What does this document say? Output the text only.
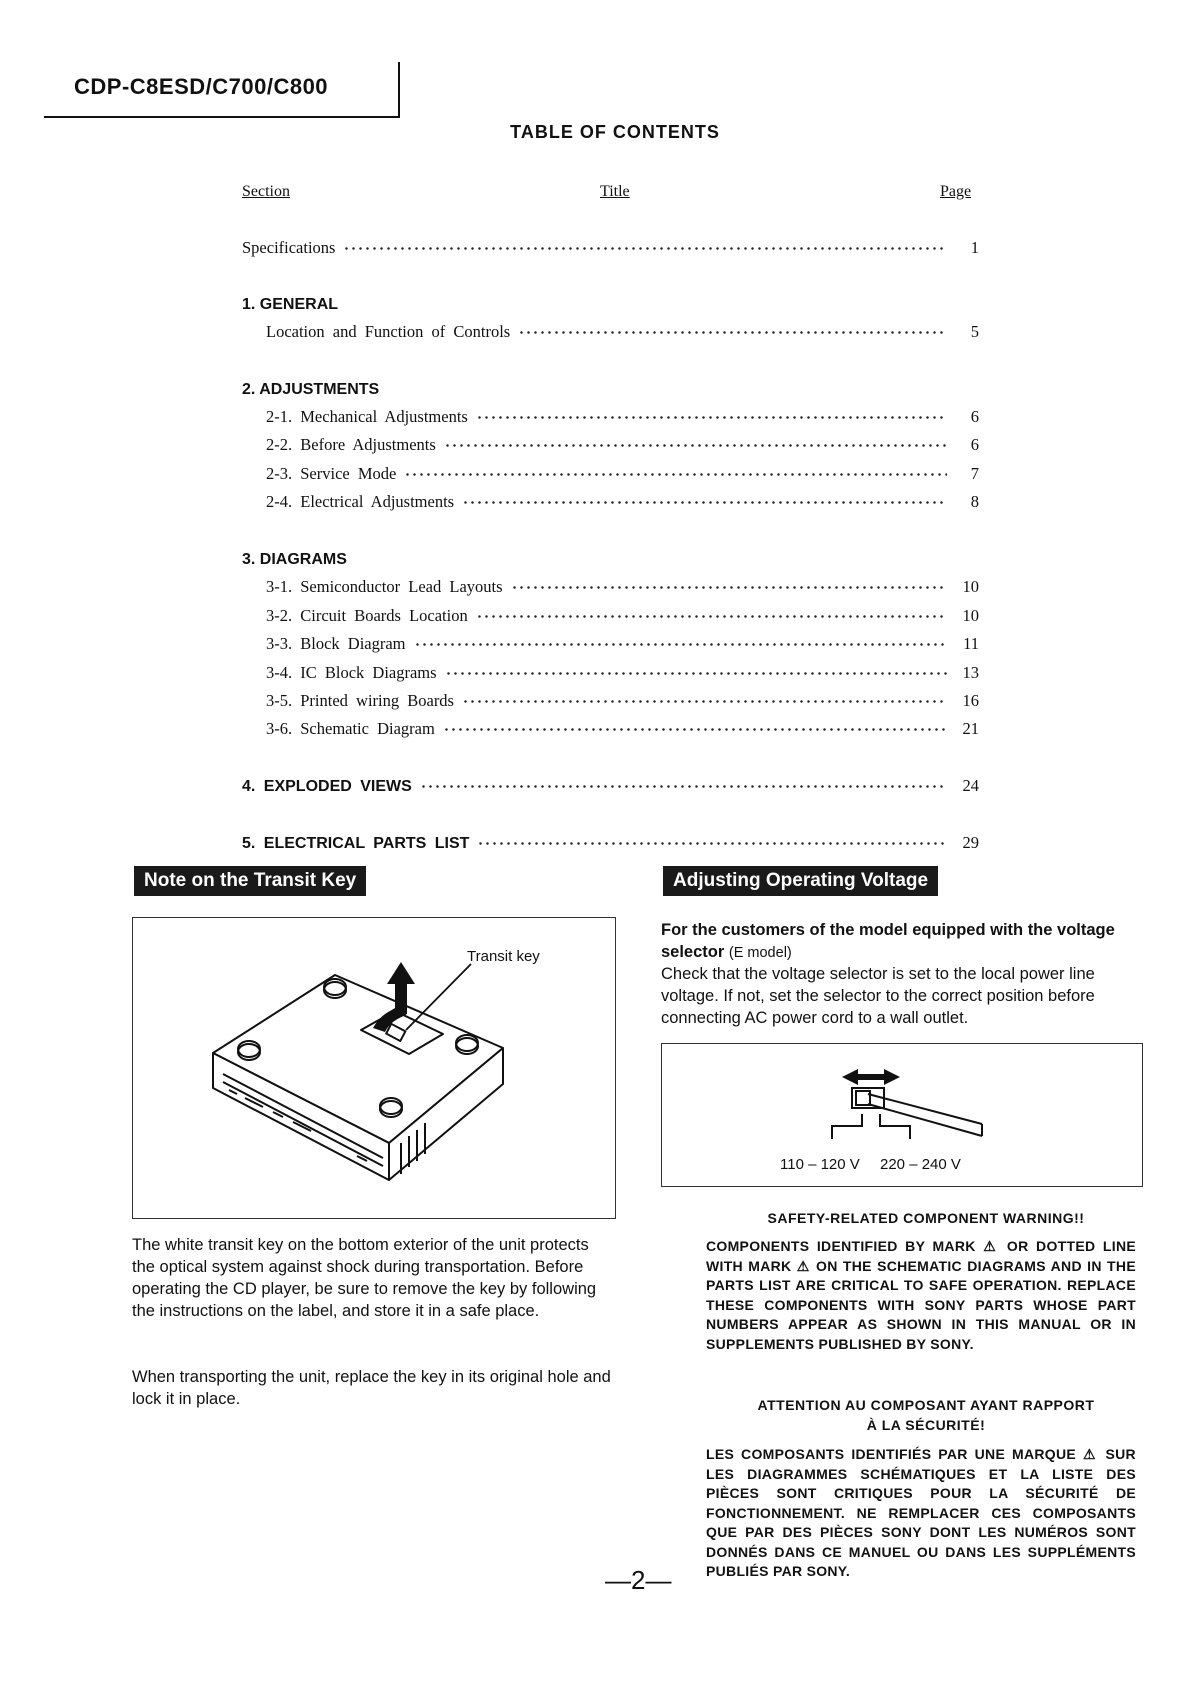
CDP-C8ESD/C700/C800
TABLE OF CONTENTS
Section	Title	Page
Specifications	1
1. GENERAL
Location and Function of Controls	5
2. ADJUSTMENTS
2-1. Mechanical Adjustments	6
2-2. Before Adjustments	6
2-3. Service Mode	7
2-4. Electrical Adjustments	8
3. DIAGRAMS
3-1. Semiconductor Lead Layouts	10
3-2. Circuit Boards Location	10
3-3. Block Diagram	11
3-4. IC Block Diagrams	13
3-5. Printed wiring Boards	16
3-6. Schematic Diagram	21
4. EXPLODED VIEWS	24
5. ELECTRICAL PARTS LIST	29
Note on the Transit Key
Transit key
The white transit key on the bottom exterior of the unit protects the optical system against shock during transportation. Before operating the CD player, be sure to remove the key by following the instructions on the label, and store it in a safe place.
When transporting the unit, replace the key in its original hole and lock it in place.
Adjusting Operating Voltage
For the customers of the model equipped with the voltage selector (E model)
Check that the voltage selector is set to the local power line voltage. If not, set the selector to the correct position before connecting AC power cord to a wall outlet.
110 – 120 V 220 – 240 V
SAFETY-RELATED COMPONENT WARNING!!
COMPONENTS IDENTIFIED BY MARK ⚠ OR DOTTED LINE WITH MARK ⚠ ON THE SCHEMATIC DIAGRAMS AND IN THE PARTS LIST ARE CRITICAL TO SAFE OPERATION. REPLACE THESE COMPONENTS WITH SONY PARTS WHOSE PART NUMBERS APPEAR AS SHOWN IN THIS MANUAL OR IN SUPPLEMENTS PUBLISHED BY SONY.
ATTENTION AU COMPOSANT AYANT RAPPORT
À LA SÉCURITÉ!
LES COMPOSANTS IDENTIFIÉS PAR UNE MARQUE ⚠ SUR LES DIAGRAMMES SCHÉMATIQUES ET LA LISTE DES PIÈCES SONT CRITIQUES POUR LA SÉCURITÉ DE FONCTIONNEMENT. NE REMPLACER CES COMPOSANTS QUE PAR DES PIÈCES SONY DONT LES NUMÉROS SONT DONNÉS DANS CE MANUEL OU DANS LES SUPPLÉMENTS PUBLIÉS PAR SONY.
—2—
